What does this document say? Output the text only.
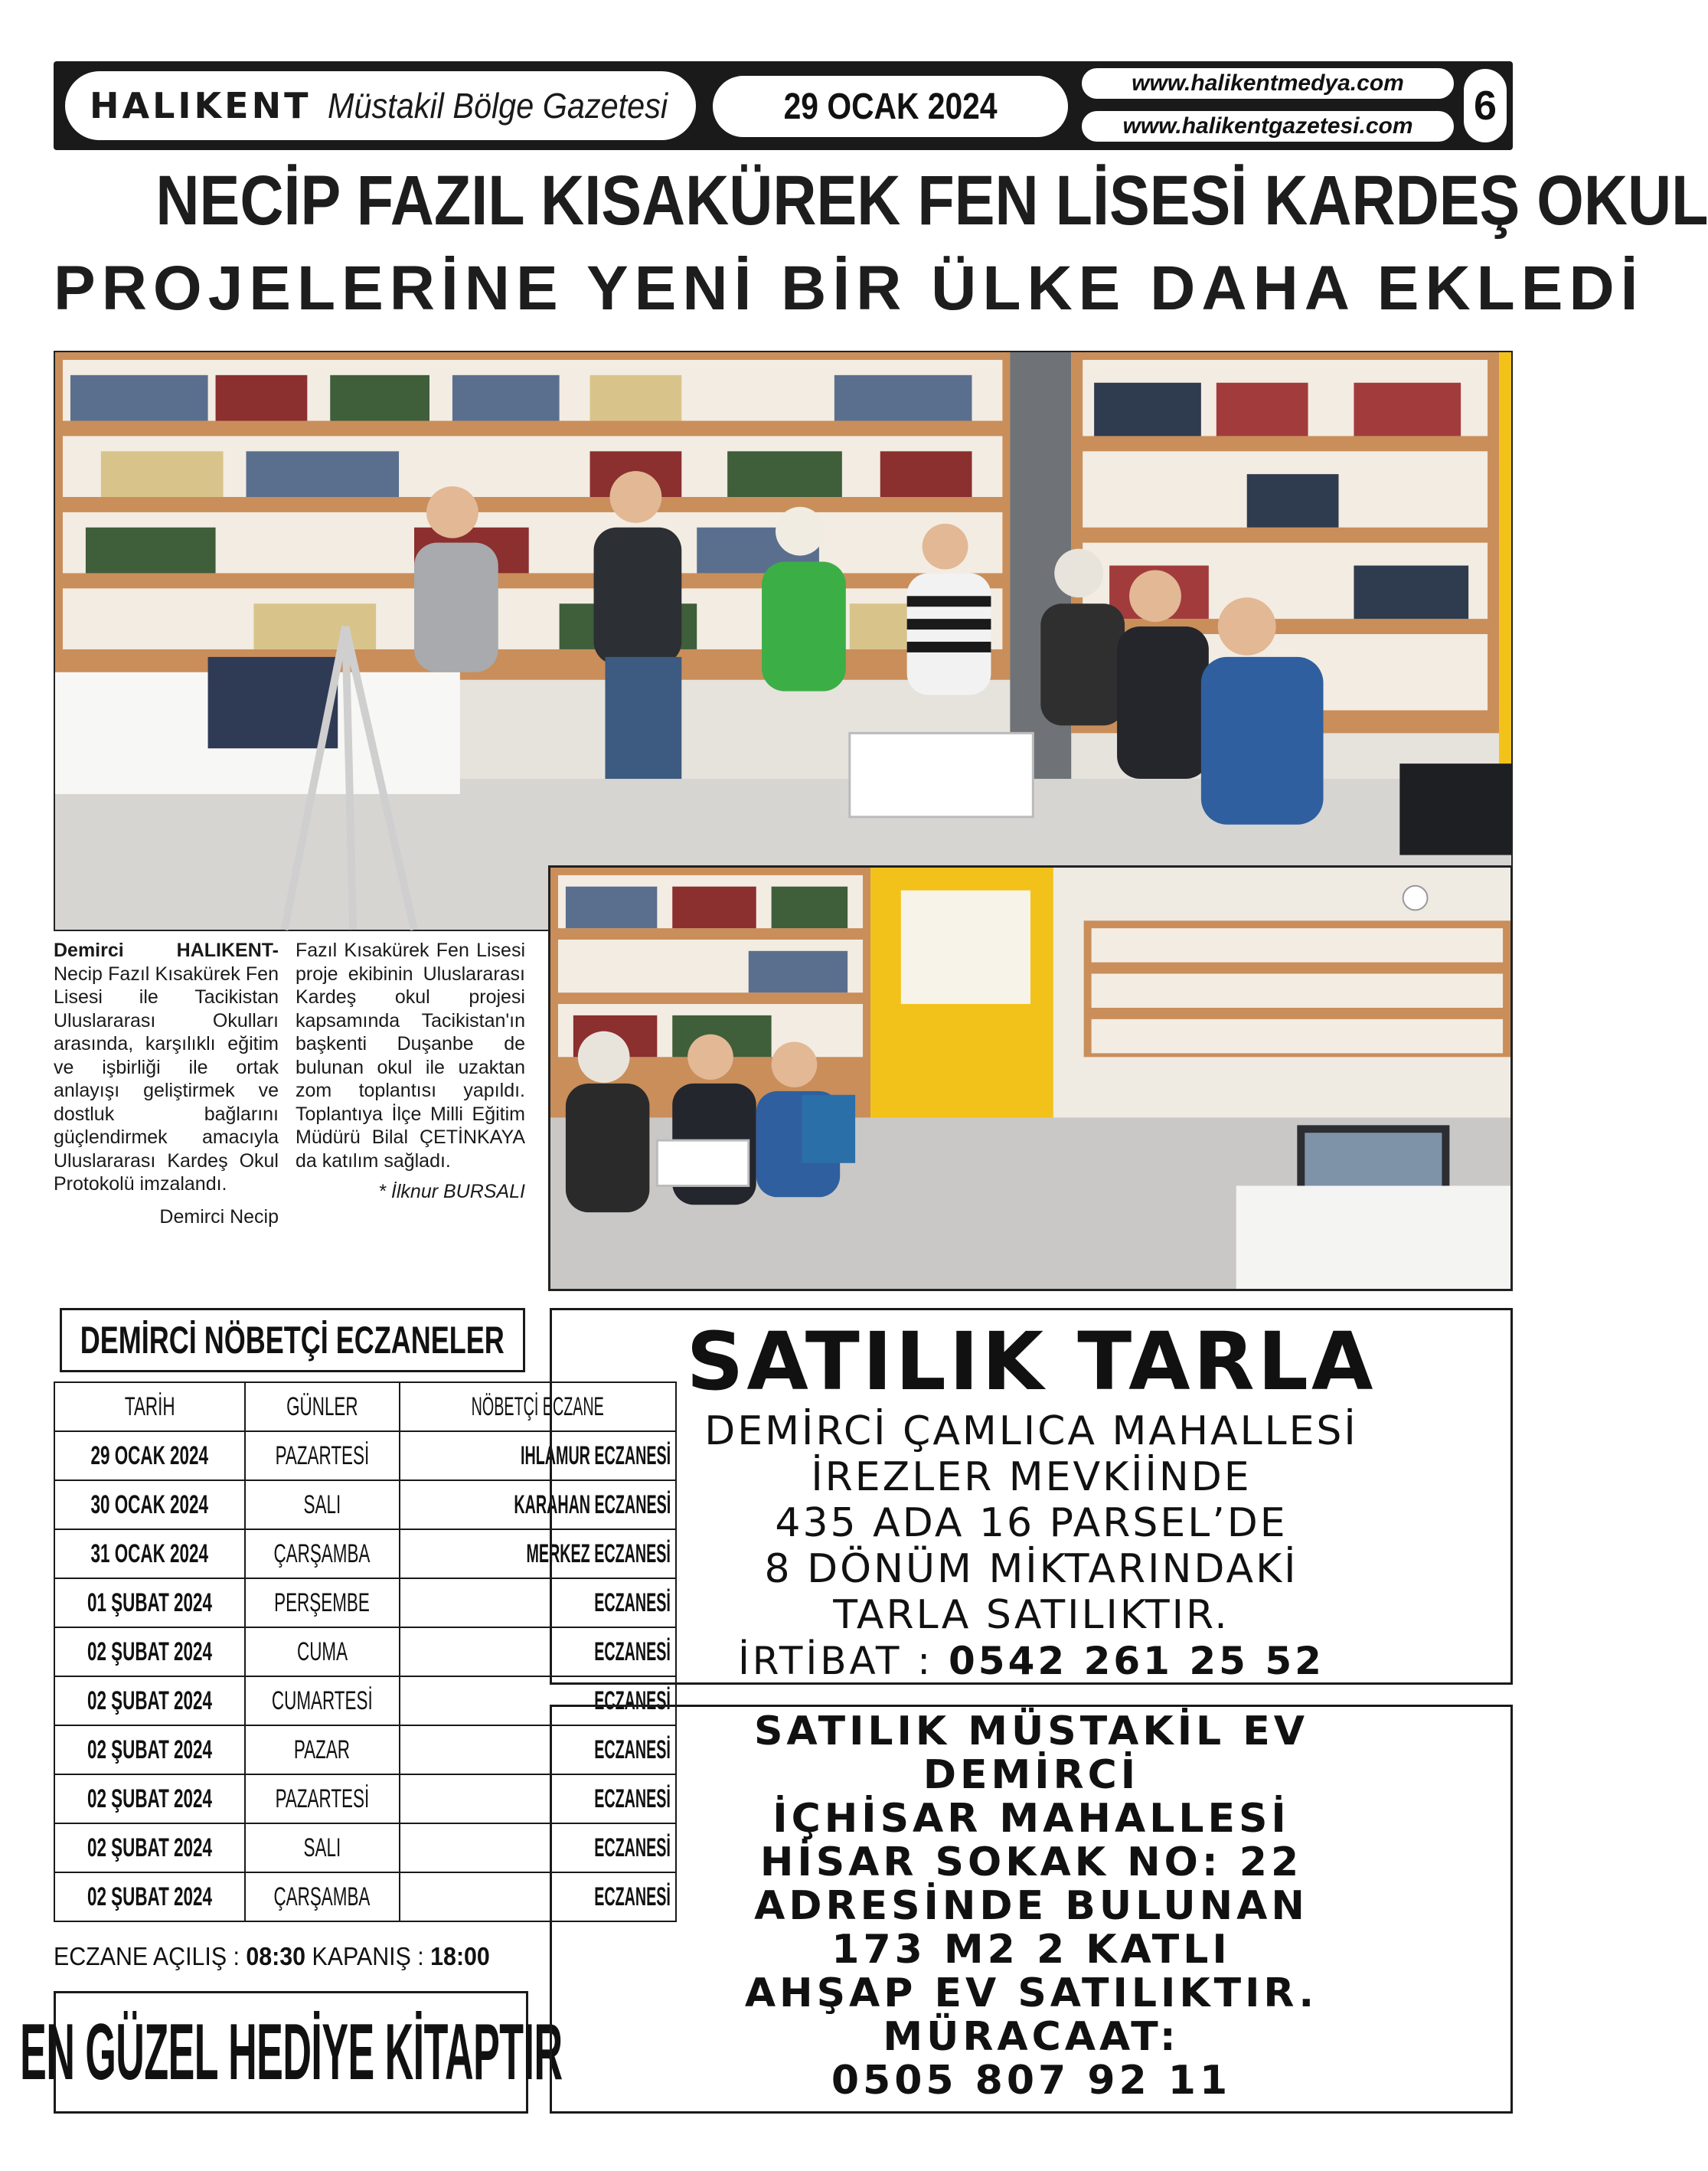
HALIKENT Müstakil Bölge Gazetesi	29 OCAK 2024
www.halikentmedya.com
www.halikentgazetesi.com 6
NECİP FAZIL KISAKÜREK FEN LİSESİ KARDEŞ OKUL
PROJELERİNE YENİ BİR ÜLKE DAHA EKLEDİ
Demirci HALIKENT- Necip Fazıl Kısakürek Fen Lisesi ile Tacikistan Uluslararası Okulları arasında, karşılıklı eğitim ve işbirliği ile ortak anlayışı geliştirmek ve dostluk bağlarını güçlendirmek amacıyla Uluslararası Kardeş Okul Protokolü imzalandı.
Demirci Necip
Fazıl Kısakürek Fen Lisesi proje ekibinin Uluslararası Kardeş okul projesi kapsamında Tacikistan'ın başkenti Duşanbe de bulunan okul ile uzaktan zom toplantısı yapıldı. Toplantıya İlçe Milli Eğitim Müdürü Bilal ÇETİNKAYA da katılım sağladı.
* İlknur BURSALI
DEMİRCİ NÖBETÇİ ECZANELER
TARİH	GÜNLER	NÖBETÇİ ECZANE
29 OCAK 2024	PAZARTESİ	IHLAMUR ECZANESİ
30 OCAK 2024	SALI	KARAHAN ECZANESİ
31 OCAK 2024	ÇARŞAMBA	MERKEZ ECZANESİ
01 ŞUBAT 2024	PERŞEMBE	ECZANESİ
02 ŞUBAT 2024	CUMA	ECZANESİ
02 ŞUBAT 2024	CUMARTESİ	ECZANESİ
02 ŞUBAT 2024	PAZAR	ECZANESİ
02 ŞUBAT 2024	PAZARTESİ	ECZANESİ
02 ŞUBAT 2024	SALI	ECZANESİ
02 ŞUBAT 2024	ÇARŞAMBA	ECZANESİ
ECZANE AÇILIŞ : 08:30 KAPANIŞ : 18:00
EN GÜZEL HEDİYE KİTAPTIR
SATILIK TARLA
DEMİRCİ ÇAMLICA MAHALLESİ
İREZLER MEVKİİNDE
435 ADA 16 PARSEL’DE
8 DÖNÜM MİKTARINDAKİ
TARLA SATILIKTIR.
İRTİBAT : 0542 261 25 52
SATILIK MÜSTAKİL EV
DEMİRCİ
İÇHİSAR MAHALLESİ
HİSAR SOKAK NO: 22
ADRESİNDE BULUNAN
173 M2 2 KATLI
AHŞAP EV SATILIKTIR.
MÜRACAAT:
0505 807 92 11
